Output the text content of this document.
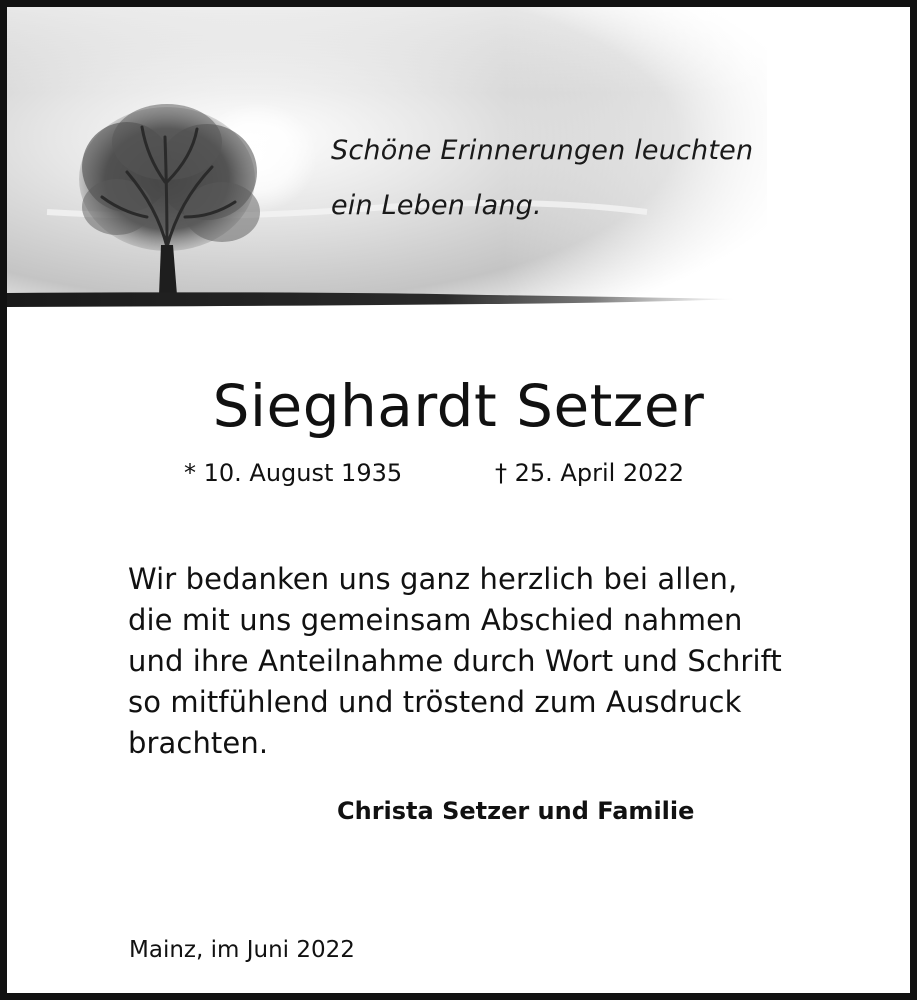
Schöne Erinnerungen leuchten
ein Leben lang.
Sieghardt Setzer
* 10. August 1935	† 25. April 2022
Wir bedanken uns ganz herzlich bei allen,
die mit uns gemeinsam Abschied nahmen
und ihre Anteilnahme durch Wort und Schrift
so mitfühlend und tröstend zum Ausdruck
brachten.
Christa Setzer und Familie
Mainz, im Juni 2022
